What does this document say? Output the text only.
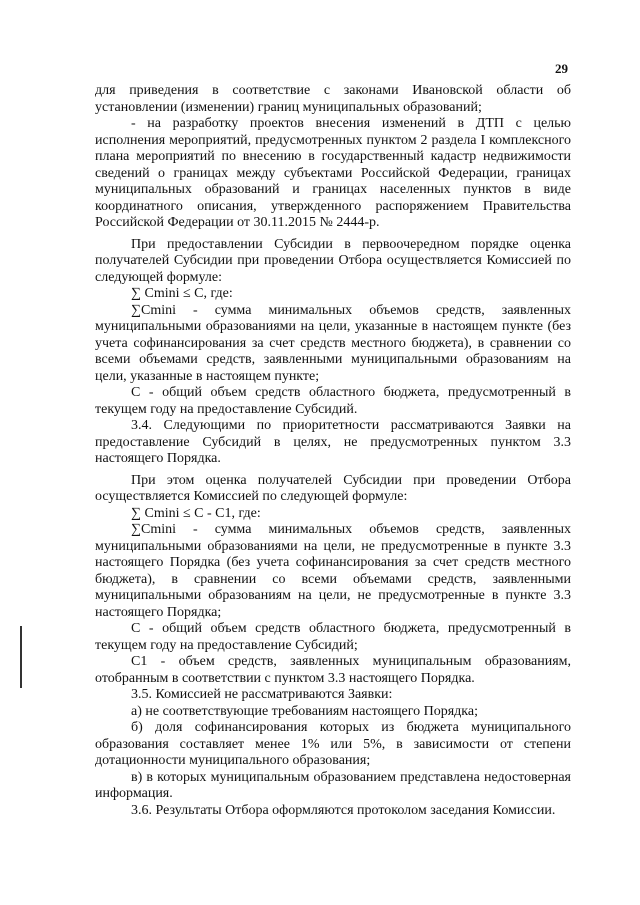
29

для приведения в соответствие с законами Ивановской области об установлении (изменении) границ муниципальных образований;

- на разработку проектов внесения изменений в ДТП с целью исполнения мероприятий, предусмотренных пунктом 2 раздела I комплексного плана мероприятий по внесению в государственный кадастр недвижимости сведений о границах между субъектами Российской Федерации, границах муниципальных образований и границах населенных пунктов в виде координатного описания, утвержденного распоряжением Правительства Российской Федерации от 30.11.2015 № 2444-р.

При предоставлении Субсидии в первоочередном порядке оценка получателей Субсидии при проведении Отбора осуществляется Комиссией по следующей формуле:

∑ Cmini ≤ C, где:

∑Cmini - сумма минимальных объемов средств, заявленных муниципальными образованиями на цели, указанные в настоящем пункте (без учета софинансирования за счет средств местного бюджета), в сравнении со всеми объемами средств, заявленными муниципальными образованиям на цели, указанные в настоящем пункте;

С - общий объем средств областного бюджета, предусмотренный в текущем году на предоставление Субсидий.

3.4. Следующими по приоритетности рассматриваются Заявки на предоставление Субсидий в целях, не предусмотренных пунктом 3.3 настоящего Порядка.

При этом оценка получателей Субсидии при проведении Отбора осуществляется Комиссией по следующей формуле:

∑ Cmini ≤ C - C1, где:

∑Cmini - сумма минимальных объемов средств, заявленных муниципальными образованиями на цели, не предусмотренные в пункте 3.3 настоящего Порядка (без учета софинансирования за счет средств местного бюджета), в сравнении со всеми объемами средств, заявленными муниципальными образованиям на цели, не предусмотренные в пункте 3.3 настоящего Порядка;

С - общий объем средств областного бюджета, предусмотренный в текущем году на предоставление Субсидий;

C1 - объем средств, заявленных муниципальным образованиям, отобранным в соответствии с пунктом 3.3 настоящего Порядка.

3.5. Комиссией не рассматриваются Заявки:

а) не соответствующие требованиям настоящего Порядка;

б) доля софинансирования которых из бюджета муниципального образования составляет менее 1% или 5%, в зависимости от степени дотационности муниципального образования;

в) в которых муниципальным образованием представлена недостоверная информация.

3.6. Результаты Отбора оформляются протоколом заседания Комиссии.
